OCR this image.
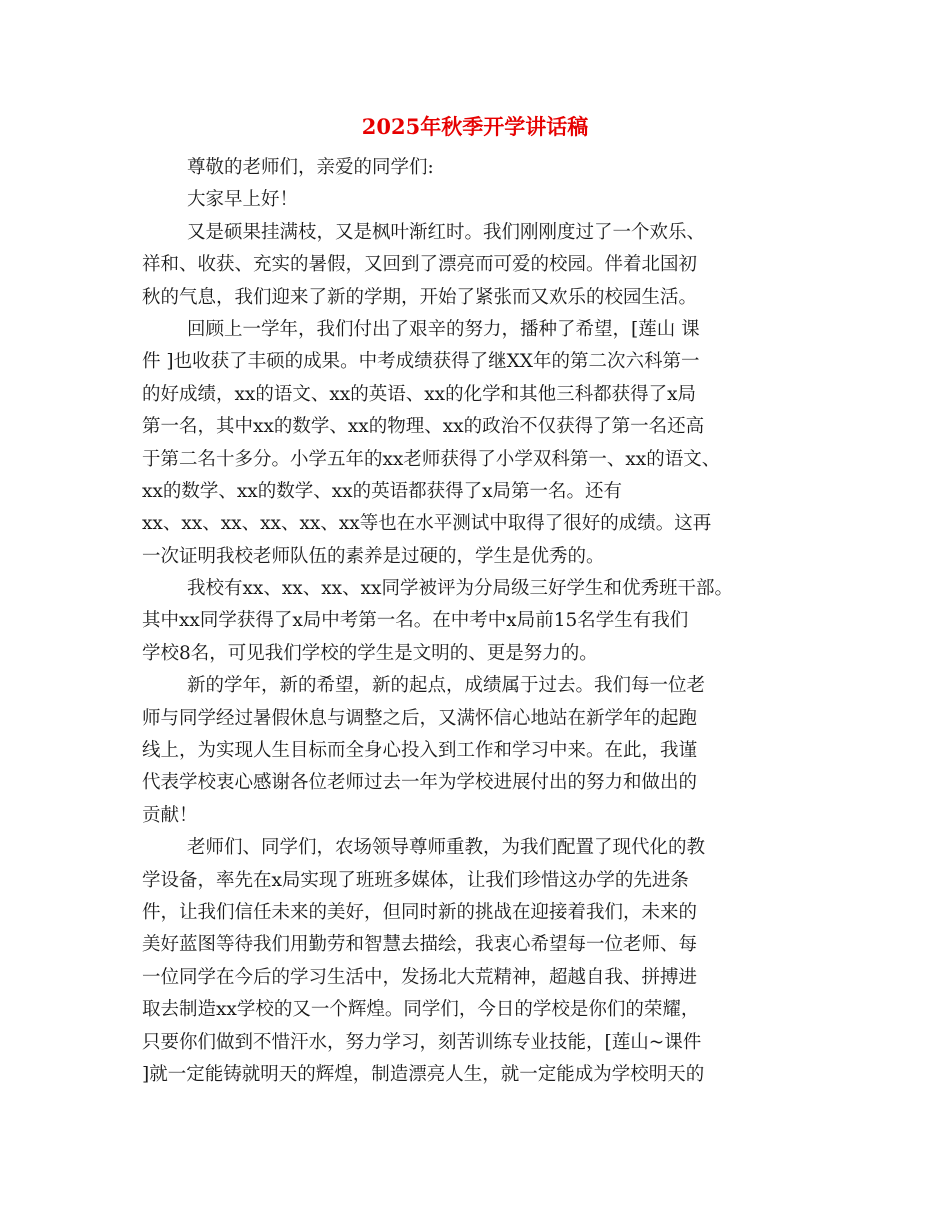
2025年秋季开学讲话稿
尊敬的老师们，亲爱的同学们:
大家早上好！
又是硕果挂满枝，又是枫叶渐红时。我们刚刚度过了一个欢乐、
祥和、收获、充实的暑假，又回到了漂亮而可爱的校园。伴着北国初
秋的气息，我们迎来了新的学期，开始了紧张而又欢乐的校园生活。
回顾上一学年，我们付出了艰辛的努力，播种了希望，[莲山 课
件 ]也收获了丰硕的成果。中考成绩获得了继XX年的第二次六科第一
的好成绩，xx的语文、xx的英语、xx的化学和其他三科都获得了x局
第一名，其中xx的数学、xx的物理、xx的政治不仅获得了第一名还高
于第二名十多分。小学五年的xx老师获得了小学双科第一、xx的语文、
xx的数学、xx的数学、xx的英语都获得了x局第一名。还有
xx、xx、xx、xx、xx、xx等也在水平测试中取得了很好的成绩。这再
一次证明我校老师队伍的素养是过硬的，学生是优秀的。
我校有xx、xx、xx、xx同学被评为分局级三好学生和优秀班干部。
其中xx同学获得了x局中考第一名。在中考中x局前15名学生有我们
学校8名，可见我们学校的学生是文明的、更是努力的。
新的学年，新的希望，新的起点，成绩属于过去。我们每一位老
师与同学经过暑假休息与调整之后，又满怀信心地站在新学年的起跑
线上，为实现人生目标而全身心投入到工作和学习中来。在此，我谨
代表学校衷心感谢各位老师过去一年为学校进展付出的努力和做出的
贡献！
老师们、同学们，农场领导尊师重教，为我们配置了现代化的教
学设备，率先在x局实现了班班多媒体，让我们珍惜这办学的先进条
件，让我们信任未来的美好，但同时新的挑战在迎接着我们，未来的
美好蓝图等待我们用勤劳和智慧去描绘，我衷心希望每一位老师、每
一位同学在今后的学习生活中，发扬北大荒精神，超越自我、拼搏进
取去制造xx学校的又一个辉煌。同学们，今日的学校是你们的荣耀，
只要你们做到不惜汗水，努力学习，刻苦训练专业技能，[莲山~课件
]就一定能铸就明天的辉煌，制造漂亮人生，就一定能成为学校明天的
